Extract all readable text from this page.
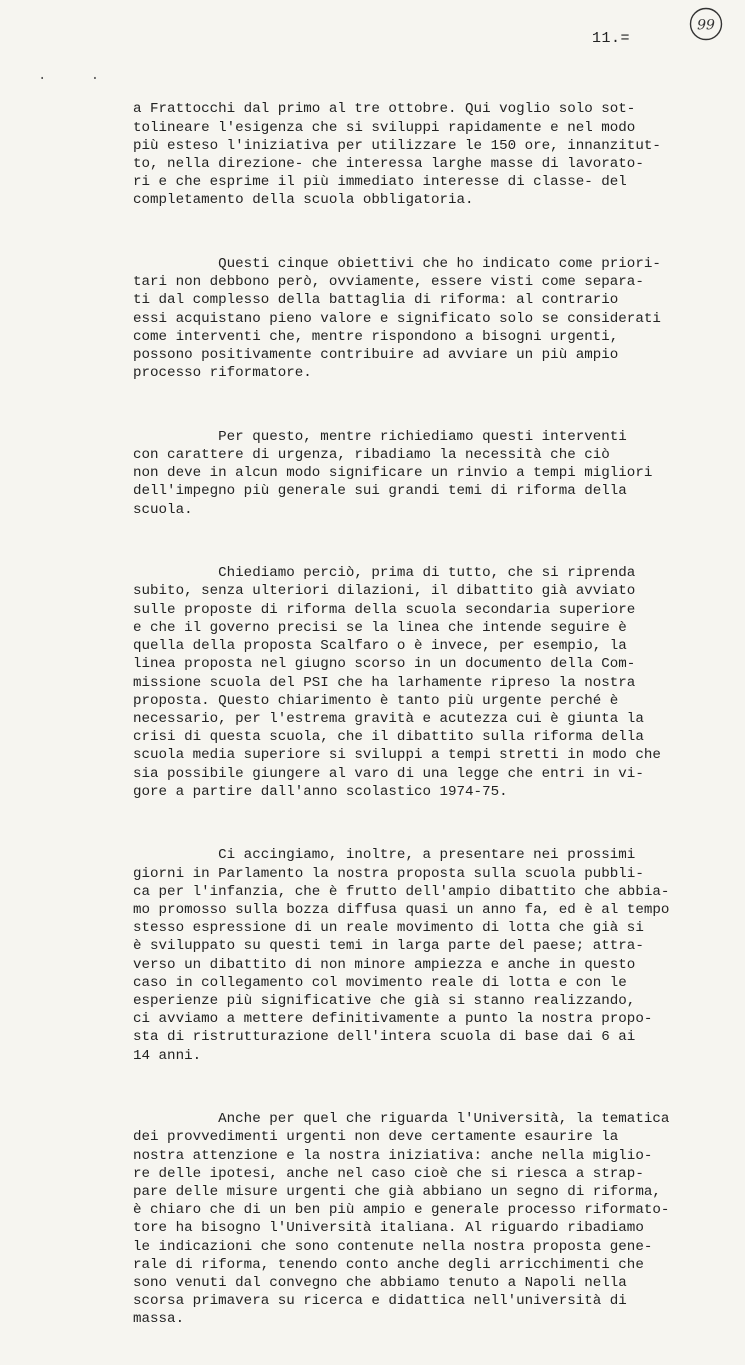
11.=
99
. .

a Frattocchi dal primo al tre ottobre. Qui voglio solo sot-
tolineare l'esigenza che si sviluppi rapidamente e nel modo
più esteso l'iniziativa per utilizzare le 150 ore, innanzitut-
to, nella direzione- che interessa larghe masse di lavorato-
ri e che esprime il più immediato interesse di classe- del
completamento della scuola obbligatoria.

Questi cinque obiettivi che ho indicato come priori-
tari non debbono però, ovviamente, essere visti come separa-
ti dal complesso della battaglia di riforma: al contrario
essi acquistano pieno valore e significato solo se considerati
come interventi che, mentre rispondono a bisogni urgenti,
possono positivamente contribuire ad avviare un più ampio
processo riformatore.

Per questo, mentre richiediamo questi interventi
con carattere di urgenza, ribadiamo la necessità che ciò
non deve in alcun modo significare un rinvio a tempi migliori
dell'impegno più generale sui grandi temi di riforma della
scuola.

Chiediamo perciò, prima di tutto, che si riprenda
subito, senza ulteriori dilazioni, il dibattito già avviato
sulle proposte di riforma della scuola secondaria superiore
e che il governo precisi se la linea che intende seguire è
quella della proposta Scalfaro o è invece, per esempio, la
linea proposta nel giugno scorso in un documento della Com-
missione scuola del PSI che ha larhamente ripreso la nostra
proposta. Questo chiarimento è tanto più urgente perché è
necessario, per l'estrema gravità e acutezza cui è giunta la
crisi di questa scuola, che il dibattito sulla riforma della
scuola media superiore si sviluppi a tempi stretti in modo che
sia possibile giungere al varo di una legge che entri in vi-
gore a partire dall'anno scolastico 1974-75.

Ci accingiamo, inoltre, a presentare nei prossimi
giorni in Parlamento la nostra proposta sulla scuola pubbli-
ca per l'infanzia, che è frutto dell'ampio dibattito che abbia-
mo promosso sulla bozza diffusa quasi un anno fa, ed è al tempo
stesso espressione di un reale movimento di lotta che già si
è sviluppato su questi temi in larga parte del paese; attra-
verso un dibattito di non minore ampiezza e anche in questo
caso in collegamento col movimento reale di lotta e con le
esperienze più significative che già si stanno realizzando,
ci avviamo a mettere definitivamente a punto la nostra propo-
sta di ristrutturazione dell'intera scuola di base dai 6 ai
14 anni.

Anche per quel che riguarda l'Università, la tematica
dei provvedimenti urgenti non deve certamente esaurire la
nostra attenzione e la nostra iniziativa: anche nella miglio-
re delle ipotesi, anche nel caso cioè che si riesca a strap-
pare delle misure urgenti che già abbiano un segno di riforma,
è chiaro che di un ben più ampio e generale processo riformato-
tore ha bisogno l'Università italiana. Al riguardo ribadiamo
le indicazioni che sono contenute nella nostra proposta gene-
rale di riforma, tenendo conto anche degli arricchimenti che
sono venuti dal convegno che abbiamo tenuto a Napoli nella
scorsa primavera su ricerca e didattica nell'università di
massa.
